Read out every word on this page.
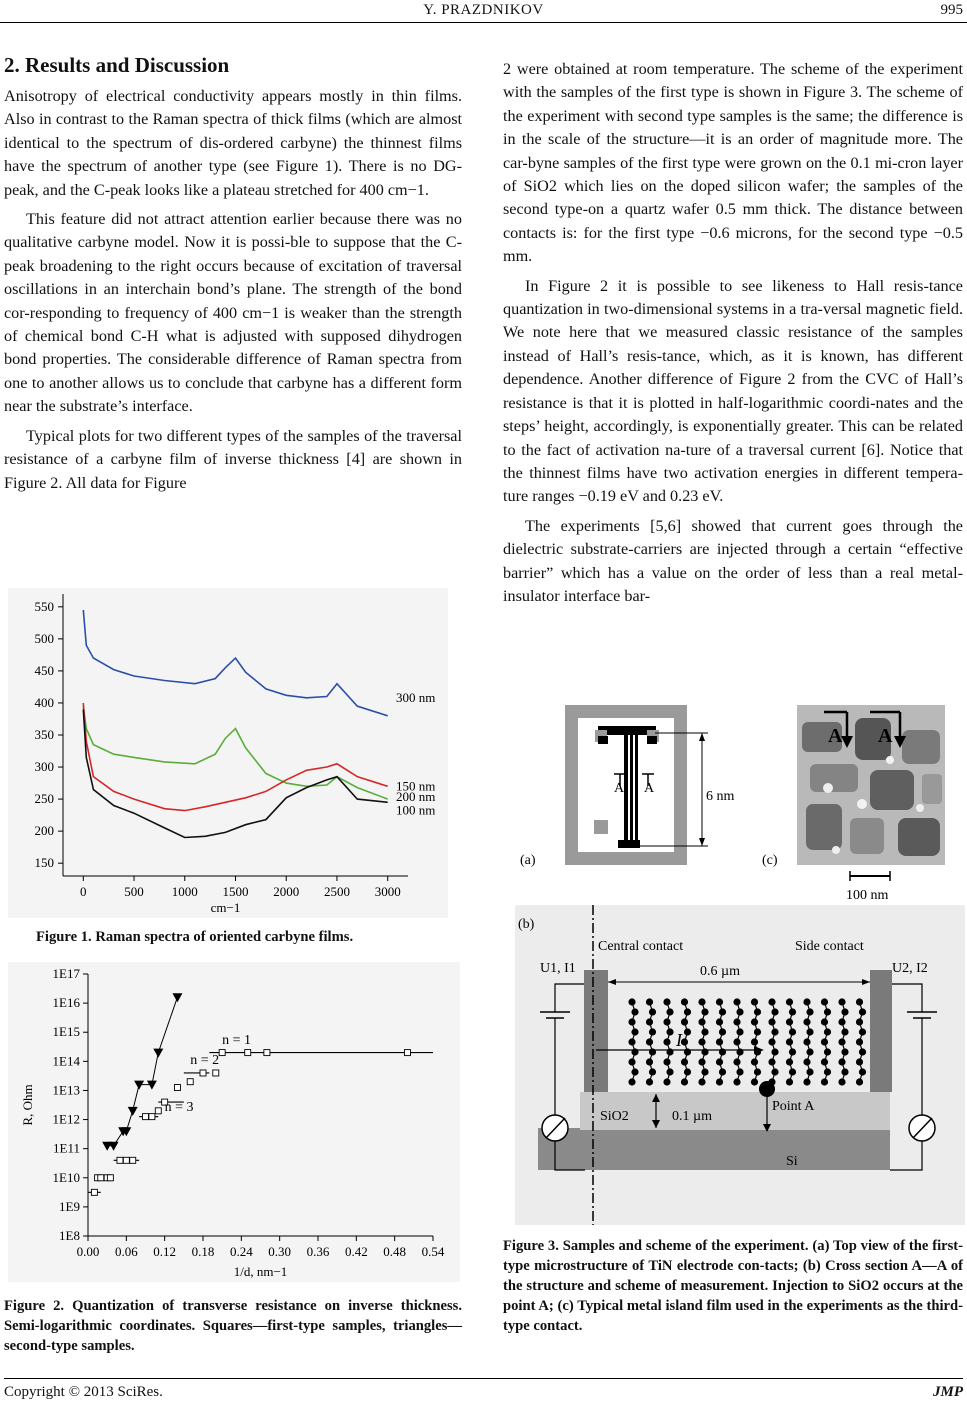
Y. PRAZDNIKOV	995
2. Results and Discussion

Anisotropy of electrical conductivity appears mostly in thin films. Also in contrast to the Raman spectra of thick films (which are almost identical to the spectrum of dis-ordered carbyne) the thinnest films have the spectrum of another type (see Figure 1). There is no DG-peak, and the C-peak looks like a plateau stretched for 400 cm−1.

This feature did not attract attention earlier because there was no qualitative carbyne model. Now it is possi-ble to suppose that the C-peak broadening to the right occurs because of excitation of traversal oscillations in an interchain bond’s plane. The strength of the bond cor-responding to frequency of 400 cm−1 is weaker than the strength of chemical bond C-H what is adjusted with supposed dihydrogen bond properties. The considerable difference of Raman spectra from one to another allows us to conclude that carbyne has a different form near the substrate’s interface.

Typical plots for two different types of the samples of the traversal resistance of a carbyne film of inverse thickness [4] are shown in Figure 2. All data for Figure

2 were obtained at room temperature. The scheme of the experiment with the samples of the first type is shown in Figure 3. The scheme of the experiment with second type samples is the same; the difference is in the scale of the structure—it is an order of magnitude more. The car-byne samples of the first type were grown on the 0.1 mi-cron layer of SiO2 which lies on the doped silicon wafer; the samples of the second type-on a quartz wafer 0.5 mm thick. The distance between contacts is: for the first type −0.6 microns, for the second type −0.5 mm.

In Figure 2 it is possible to see likeness to Hall resis-tance quantization in two-dimensional systems in a tra-versal magnetic field. We note here that we measured classic resistance of the samples instead of Hall’s resis-tance, which, as it is known, has different dependence. Another difference of Figure 2 from the CVC of Hall’s resistance is that it is plotted in half-logarithmic coordi-nates and the steps’ height, accordingly, is exponentially greater. This can be related to the fact of activation na-ture of a traversal current [6]. Notice that the thinnest films have two activation energies in different tempera-ture ranges −0.19 eV and 0.23 eV.

The experiments [5,6] showed that current goes through the dielectric substrate-carriers are injected through a certain “effective barrier” which has a value on the order of less than a real metal-insulator interface bar-

150
200
250
300
350
400
450
500
550
0	500 1000 1500 2000 2500 3000
cm−1
300 nm
200 nm
150 nm
100 nm
Figure 1. Raman spectra of oriented carbyne films.
1E8
1E9
1E10
1E11
1E12
1E13
1E14
1E15
1E16
1E17
0.00 0.06 0.12 0.18 0.24 0.30 0.36 0.42 0.48 0.54
1/d, nm−1
R, Ohm
n = 1
n = 2
n = 3
Figure 2. Quantization of transverse resistance on inverse thickness. Semi-logarithmic coordinates. Squares—first-type samples, triangles—second-type samples.
A A
6 nm
(a)
A A
(c)
100 nm
(b)
Central contact	Side contact
U1, I1	U2, I2
0.6 µm
Point A
SiO2	0.1 µm
Si
I
Figure 3. Samples and scheme of the experiment. (a) Top view of the first-type microstructure of TiN electrode con-tacts; (b) Cross section A—A of the structure and scheme of measurement. Injection to SiO2 occurs at the point A; (c) Typical metal island film used in the experiments as the third-type contact.
Copyright © 2013 SciRes.	JMP
